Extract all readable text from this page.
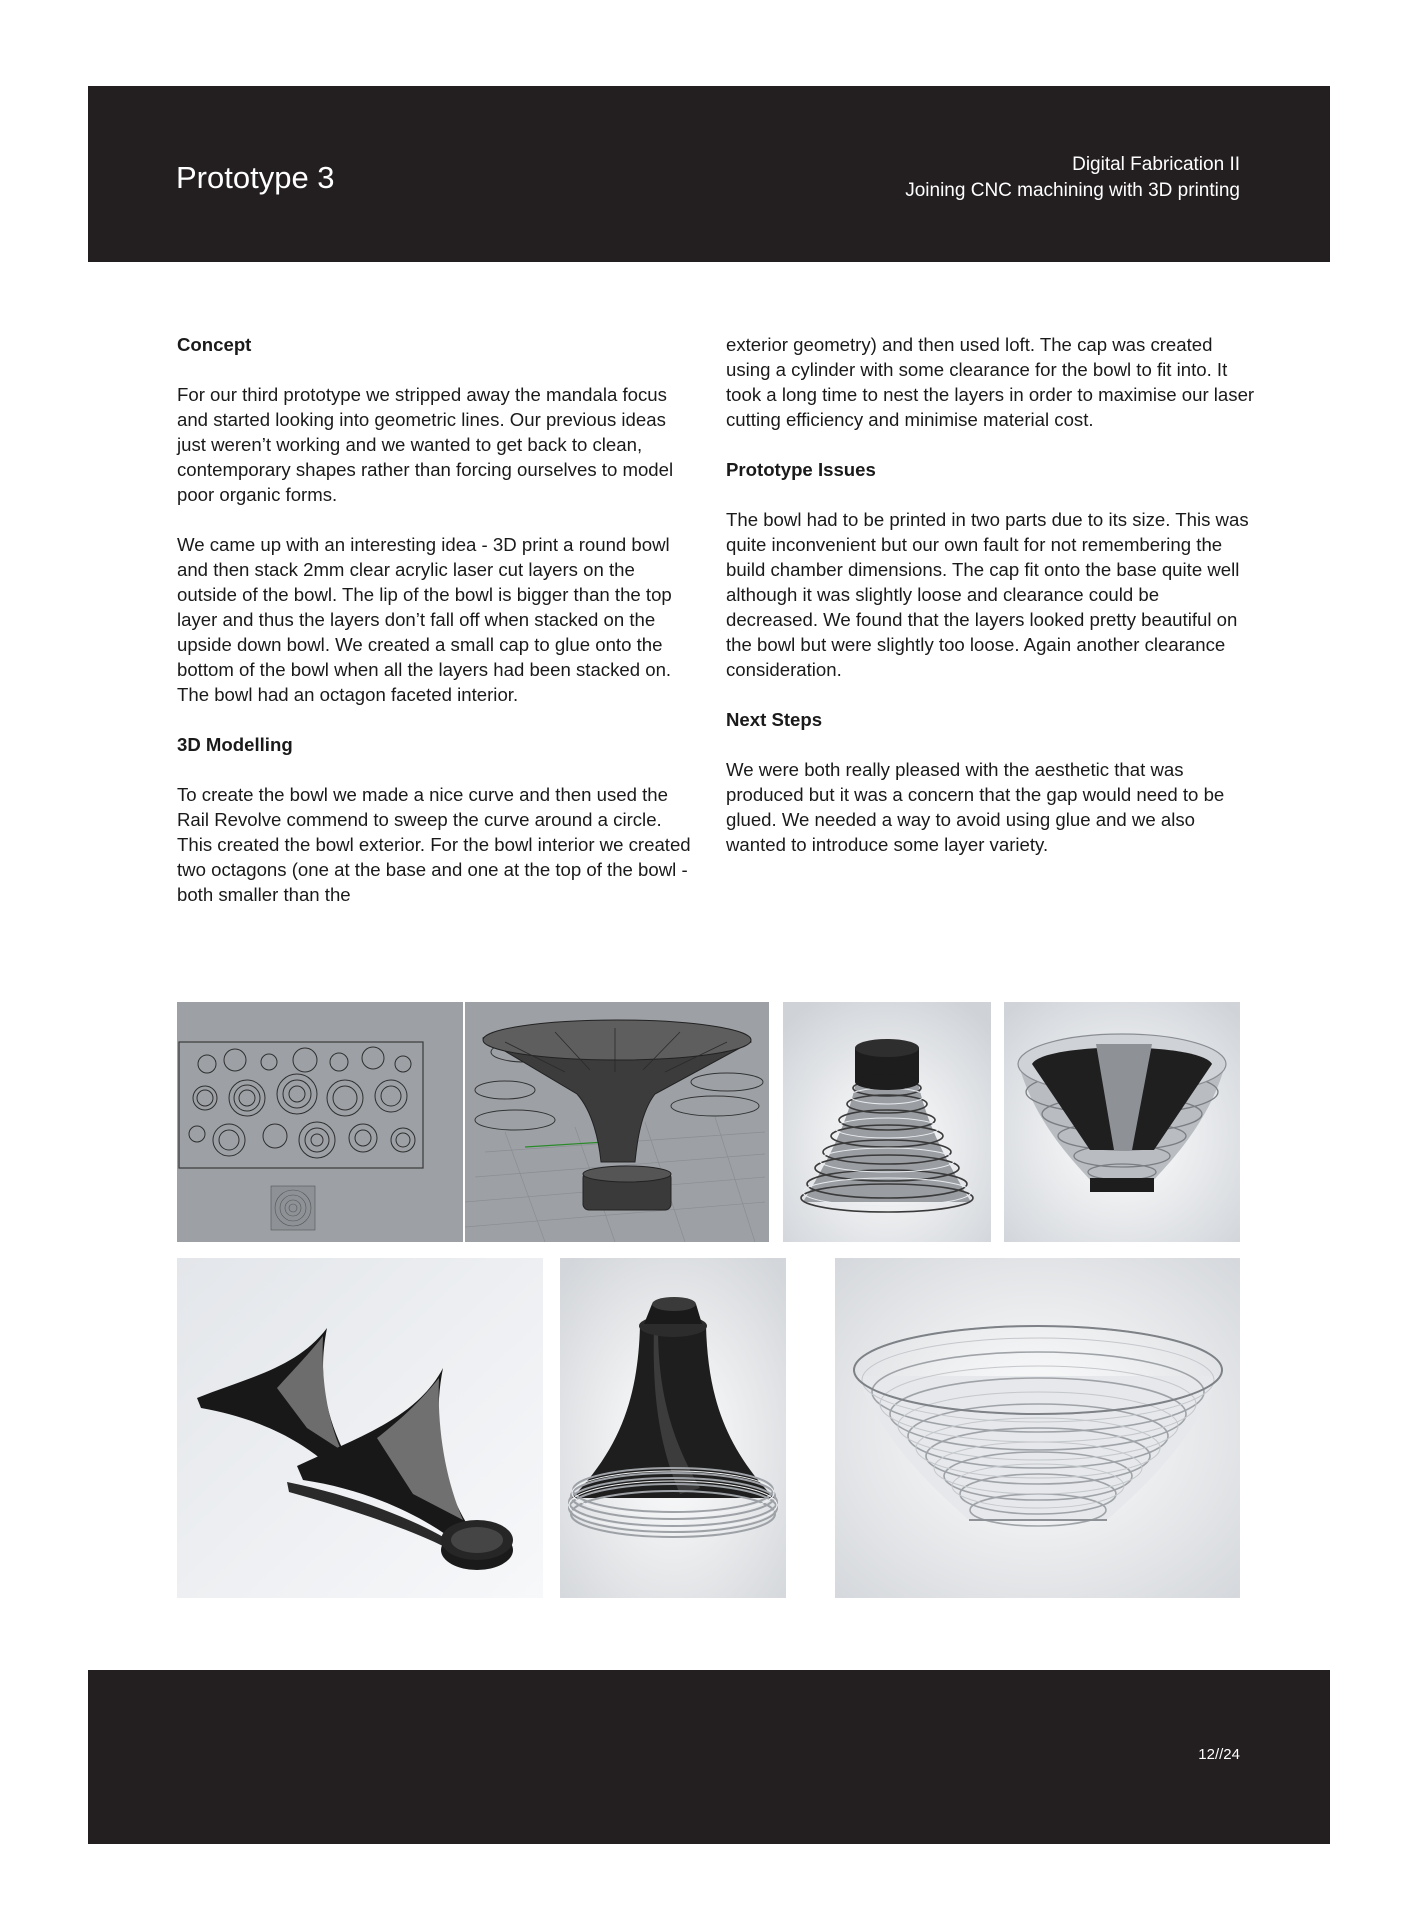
Prototype 3	Digital Fabrication II
Joining CNC machining with 3D printing
Concept

For our third prototype we stripped away the mandala focus and started looking into geometric lines. Our previous ideas just weren’t working and we wanted to get back to clean, contemporary shapes rather than forcing ourselves to model poor organic forms.

We came up with an interesting idea - 3D print a round bowl and then stack 2mm clear acrylic laser cut layers on the outside of the bowl. The lip of the bowl is bigger than the top layer and thus the layers don’t fall off when stacked on the upside down bowl. We created a small cap to glue onto the bottom of the bowl when all the layers had been stacked on. The bowl had an octagon faceted interior.

3D Modelling

To create the bowl we made a nice curve and then used the Rail Revolve commend to sweep the curve around a circle. This created the bowl exterior. For the bowl interior we created two octagons (one at the base and one at the top of the bowl - both smaller than the

exterior geometry) and then used loft. The cap was created using a cylinder with some clearance for the bowl to fit into. It took a long time to nest the layers in order to maximise our laser cutting efficiency and minimise material cost.

Prototype Issues

The bowl had to be printed in two parts due to its size. This was quite inconvenient but our own fault for not remembering the build chamber dimensions. The cap fit onto the base quite well although it was slightly loose and clearance could be decreased. We found that the layers looked pretty beautiful on the bowl but were slightly too loose. Again another clearance consideration.

Next Steps

We were both really pleased with the aesthetic that was produced but it was a concern that the gap would need to be glued. We needed a way to avoid using glue and we also wanted to introduce some layer variety.

12//24
